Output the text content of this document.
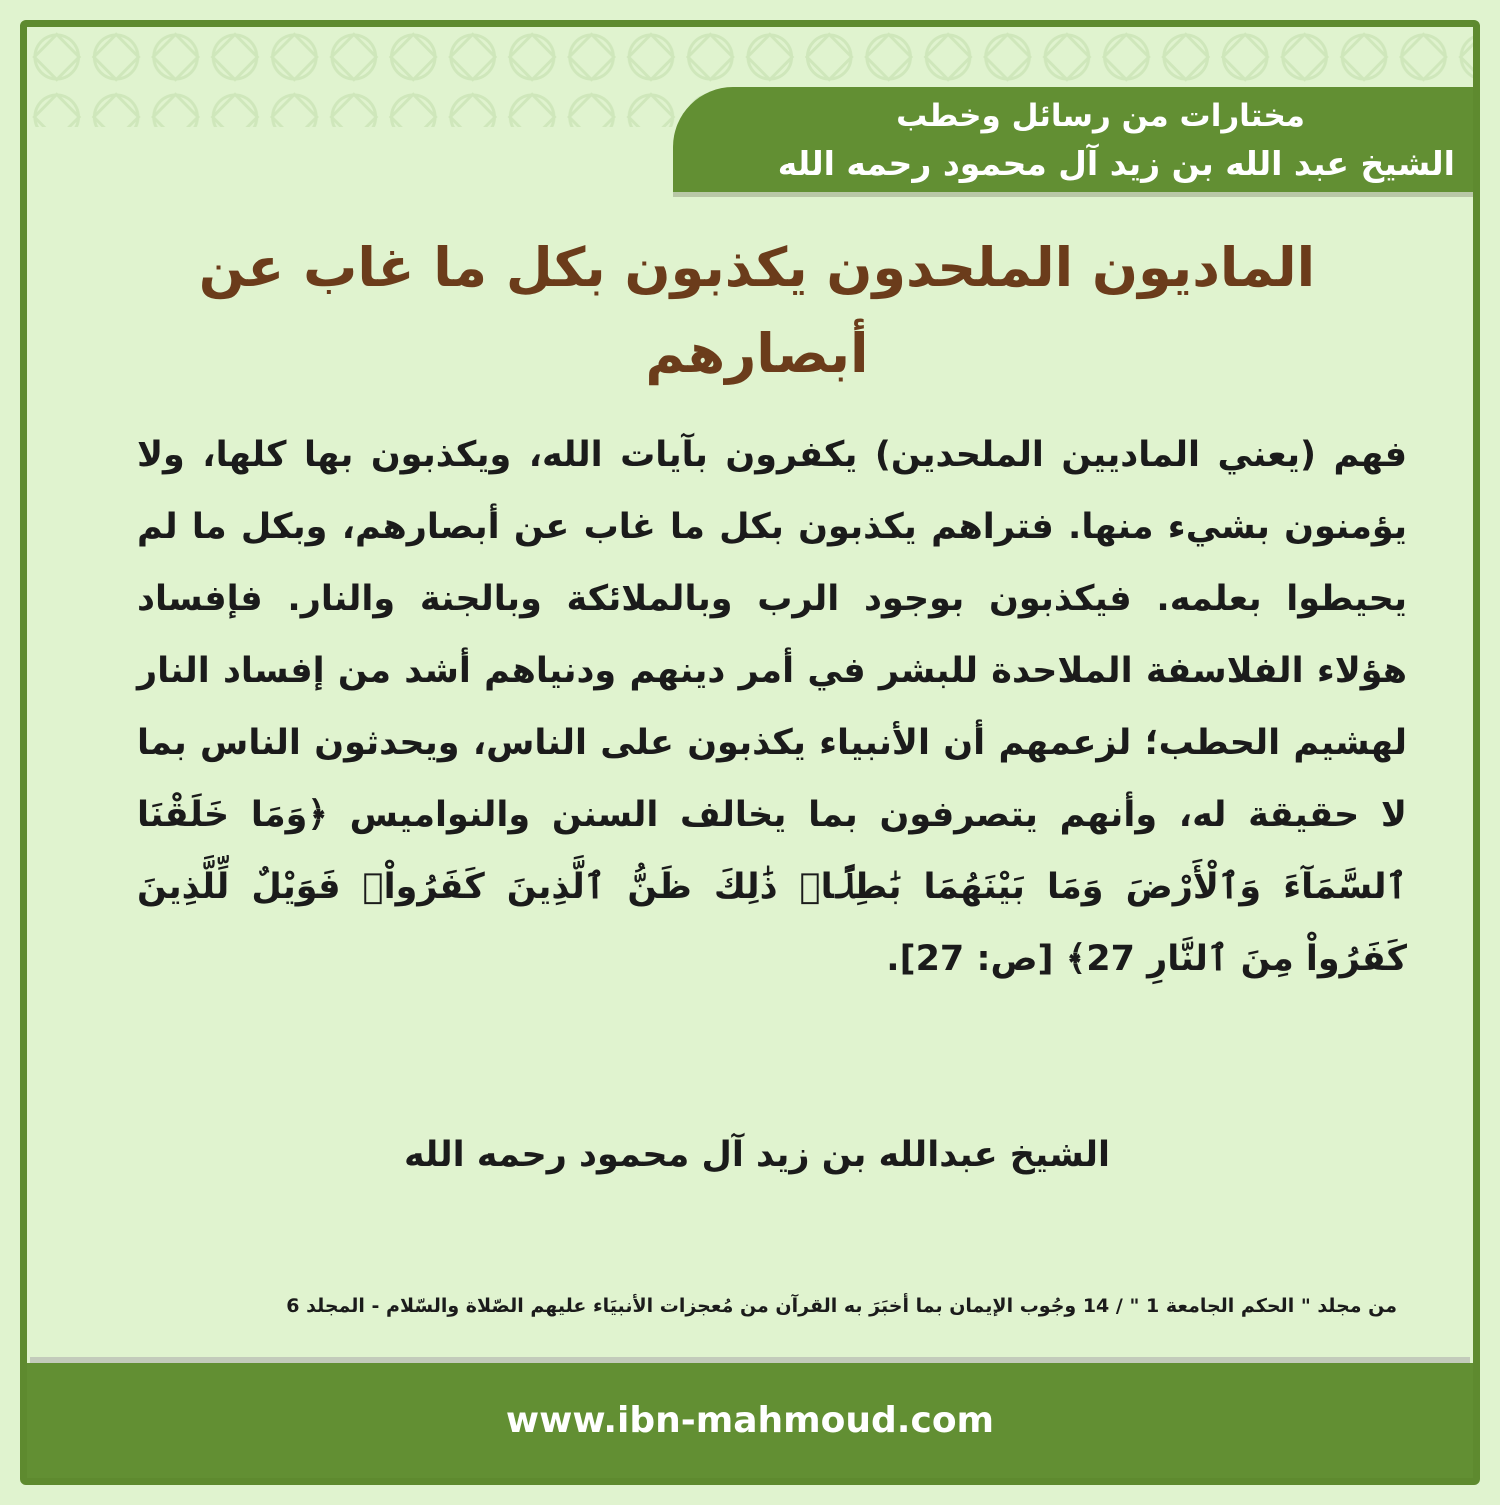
مختارات من رسائل وخطب
الشيخ عبد الله بن زيد آل محمود رحمه الله
الماديون الملحدون يكذبون بكل ما غاب عن أبصارهم
فهم (يعني الماديين الملحدين) يكفرون بآيات الله، ويكذبون بها كلها، ولا يؤمنون بشيء منها. فتراهم يكذبون بكل ما غاب عن أبصارهم، وبكل ما لم يحيطوا بعلمه. فيكذبون بوجود الرب وبالملائكة وبالجنة والنار. فإفساد هؤلاء الفلاسفة الملاحدة للبشر في أمر دينهم ودنياهم أشد من إفساد النار لهشيم الحطب؛ لزعمهم أن الأنبياء يكذبون على الناس، ويحدثون الناس بما لا حقيقة له، وأنهم يتصرفون بما يخالف السنن والنواميس ﴿وَمَا خَلَقْنَا ٱلسَّمَآءَ وَٱلْأَرْضَ وَمَا بَيْنَهُمَا بَٰطِلًاۚ ذَٰلِكَ ظَنُّ ٱلَّذِينَ كَفَرُواْۚ فَوَيْلٌ لِّلَّذِينَ كَفَرُواْ مِنَ ٱلنَّارِ 27﴾ [ص: 27].
الشيخ عبدالله بن زيد آل محمود رحمه الله
من مجلد " الحكم الجامعة 1 " / 14 وجُوب الإيمان بما أخبَرَ به القرآن من مُعجزات الأنبيَاء عليهم الصّلاة والسّلام - المجلد 6
www.ibn-mahmoud.com
